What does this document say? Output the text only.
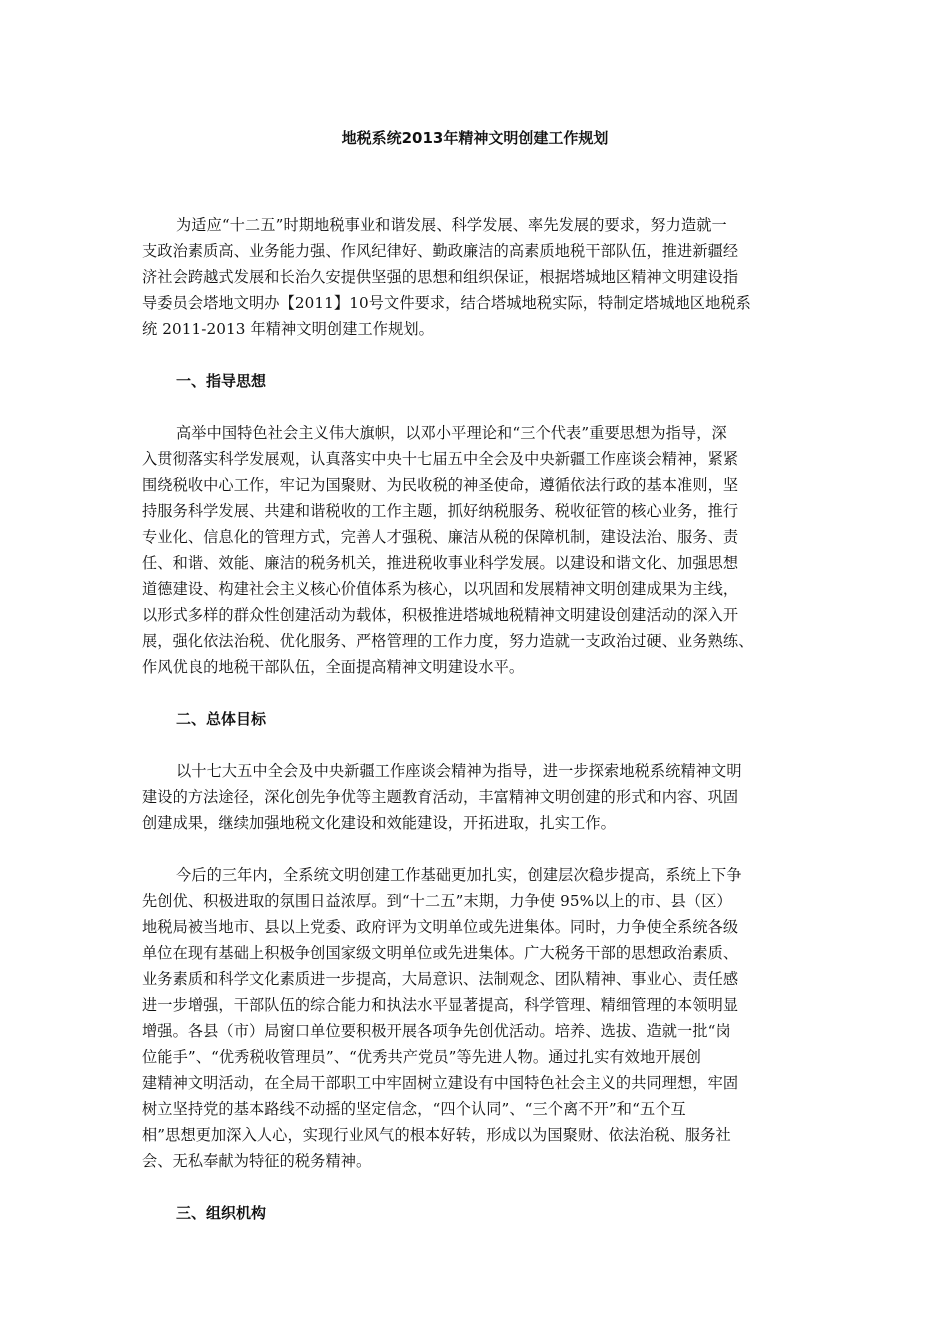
地税系统2013年精神文明创建工作规划
为适应“十二五”时期地税事业和谐发展、科学发展、率先发展的要求，努力造就一
支政治素质高、业务能力强、作风纪律好、勤政廉洁的高素质地税干部队伍，推进新疆经
济社会跨越式发展和长治久安提供坚强的思想和组织保证，根据塔城地区精神文明建设指
导委员会塔地文明办【2011】10号文件要求，结合塔城地税实际，特制定塔城地区地税系
统 2011-2013 年精神文明创建工作规划。
一、指导思想
高举中国特色社会主义伟大旗帜，以邓小平理论和“三个代表”重要思想为指导，深
入贯彻落实科学发展观，认真落实中央十七届五中全会及中央新疆工作座谈会精神，紧紧
围绕税收中心工作，牢记为国聚财、为民收税的神圣使命，遵循依法行政的基本准则，坚
持服务科学发展、共建和谐税收的工作主题，抓好纳税服务、税收征管的核心业务，推行
专业化、信息化的管理方式，完善人才强税、廉洁从税的保障机制，建设法治、服务、责
任、和谐、效能、廉洁的税务机关，推进税收事业科学发展。以建设和谐文化、加强思想
道德建设、构建社会主义核心价值体系为核心，以巩固和发展精神文明创建成果为主线，
以形式多样的群众性创建活动为载体，积极推进塔城地税精神文明建设创建活动的深入开
展，强化依法治税、优化服务、严格管理的工作力度，努力造就一支政治过硬、业务熟练、
作风优良的地税干部队伍，全面提高精神文明建设水平。
二、总体目标
以十七大五中全会及中央新疆工作座谈会精神为指导，进一步探索地税系统精神文明
建设的方法途径，深化创先争优等主题教育活动，丰富精神文明创建的形式和内容、巩固
创建成果，继续加强地税文化建设和效能建设，开拓进取，扎实工作。
今后的三年内，全系统文明创建工作基础更加扎实，创建层次稳步提高，系统上下争
先创优、积极进取的氛围日益浓厚。到“十二五”末期，力争使 95%以上的市、县（区）
地税局被当地市、县以上党委、政府评为文明单位或先进集体。同时，力争使全系统各级
单位在现有基础上积极争创国家级文明单位或先进集体。广大税务干部的思想政治素质、
业务素质和科学文化素质进一步提高，大局意识、法制观念、团队精神、事业心、责任感
进一步增强，干部队伍的综合能力和执法水平显著提高，科学管理、精细管理的本领明显
增强。各县（市）局窗口单位要积极开展各项争先创优活动。培养、选拔、造就一批“岗
位能手”、“优秀税收管理员”、“优秀共产党员”等先进人物。通过扎实有效地开展创
建精神文明活动，在全局干部职工中牢固树立建设有中国特色社会主义的共同理想，牢固
树立坚持党的基本路线不动摇的坚定信念，“四个认同”、“三个离不开”和“五个互
相”思想更加深入人心，实现行业风气的根本好转，形成以为国聚财、依法治税、服务社
会、无私奉献为特征的税务精神。
三、组织机构
